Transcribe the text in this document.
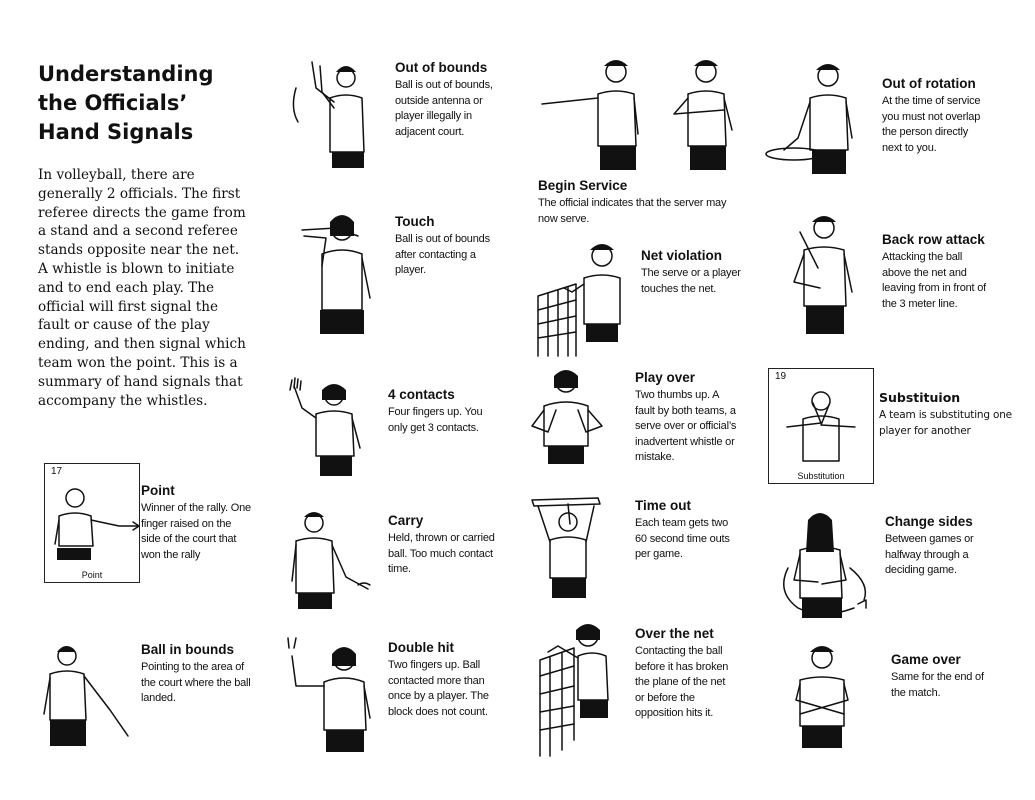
Understanding
the Officials’
Hand Signals

In volleyball, there are generally 2 officials. The first referee directs the game from a stand and a second referee stands opposite near the net. A whistle is blown to initiate and to end each play. The official will first signal the fault or cause of the play ending, and then signal which team won the point. This is a summary of hand signals that accompany the whistles.

17
Point
Point

Winner of the rally. One finger raised on the side of the court that won the rally

Ball in bounds

Pointing to the area of the court where the ball landed.

Out of bounds

Ball is out of bounds, outside antenna or player illegally in adjacent court.

Touch

Ball is out of bounds after contacting a player.

4 contacts

Four fingers up. You only get 3 contacts.

Carry

Held, thrown or carried ball. Too much contact time.

Double hit

Two fingers up. Ball contacted more than once by a player. The block does not count.

Begin Service

The official indicates that the server may now serve.

Net violation

The serve or a player touches the net.

Play over

Two thumbs up. A fault by both teams, a serve over or official’s inadvertent whistle or mistake.

Time out

Each team gets two 60 second time outs per game.

Over the net

Contacting the ball before it has broken the plane of the net or before the opposition hits it.

Out of rotation

At the time of service you must not overlap the person directly next to you.

Back row attack

Attacking the ball above the net and leaving from in front of the 3 meter line.

19
Substitution
Substituion

A team is substituting one player for another

Change sides

Between games or halfway through a deciding game.

Game over

Same for the end of the match.
